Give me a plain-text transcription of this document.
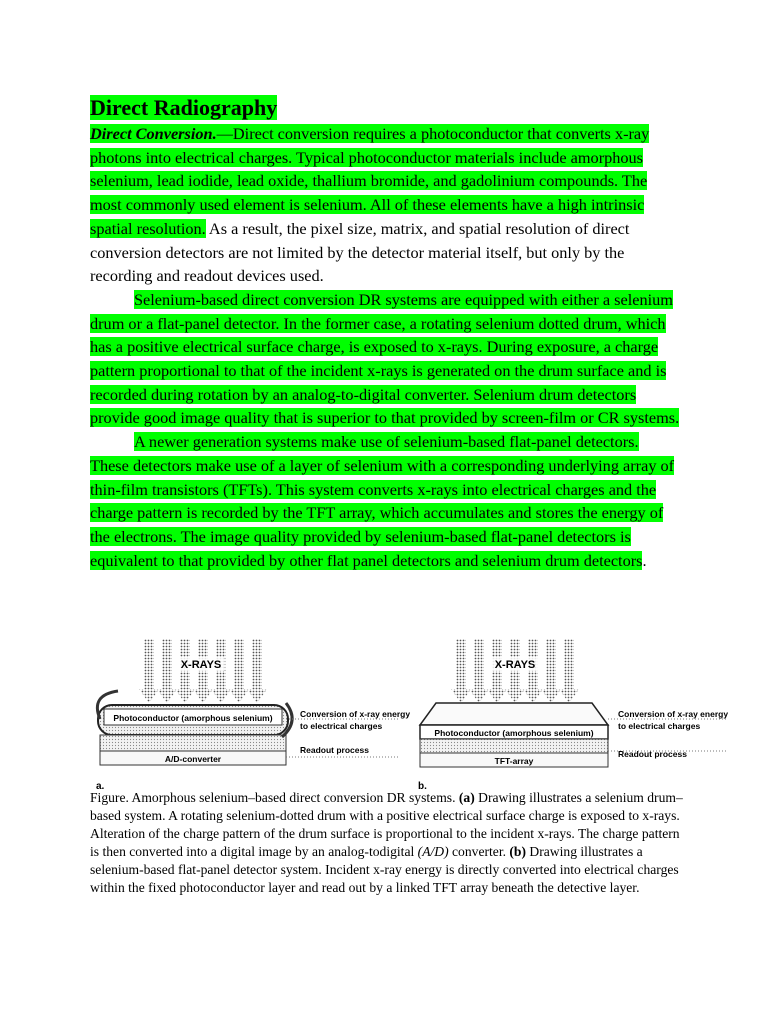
Direct Radiography

Direct Conversion.—Direct conversion requires a photoconductor that converts x-ray photons into electrical charges. Typical photoconductor materials include amorphous selenium, lead iodide, lead oxide, thallium bromide, and gadolinium compounds. The most commonly used element is selenium. All of these elements have a high intrinsic spatial resolution. As a result, the pixel size, matrix, and spatial resolution of direct conversion detectors are not limited by the detector material itself, but only by the recording and readout devices used.

Selenium-based direct conversion DR systems are equipped with either a selenium drum or a flat-panel detector. In the former case, a rotating selenium dotted drum, which has a positive electrical surface charge, is exposed to x-rays. During exposure, a charge pattern proportional to that of the incident x-rays is generated on the drum surface and is recorded during rotation by an analog-to-digital converter. Selenium drum detectors provide good image quality that is superior to that provided by screen-film or CR systems.

A newer generation systems make use of selenium-based flat-panel detectors. These detectors make use of a layer of selenium with a corresponding underlying array of thin-film transistors (TFTs). This system converts x-rays into electrical charges and the charge pattern is recorded by the TFT array, which accumulates and stores the energy of the electrons. The image quality provided by selenium-based flat-panel detectors is equivalent to that provided by other flat panel detectors and selenium drum detectors.

X-RAYS
Photoconductor (amorphous selenium)
A/D-converter
Conversion of x-ray energy
to electrical charges
Readout process
a.
X-RAYS
Photoconductor (amorphous selenium)
TFT-array
Conversion of x-ray energy
to electrical charges
Readout process
b.

Figure. Amorphous selenium–based direct conversion DR systems. (a) Drawing illustrates a selenium drum–based system. A rotating selenium-dotted drum with a positive electrical surface charge is exposed to x-rays. Alteration of the charge pattern of the drum surface is proportional to the incident x-rays. The charge pattern is then converted into a digital image by an analog-todigital (A/D) converter. (b) Drawing illustrates a selenium-based flat-panel detector system. Incident x-ray energy is directly converted into electrical charges within the fixed photoconductor layer and read out by a linked TFT array beneath the detective layer.
